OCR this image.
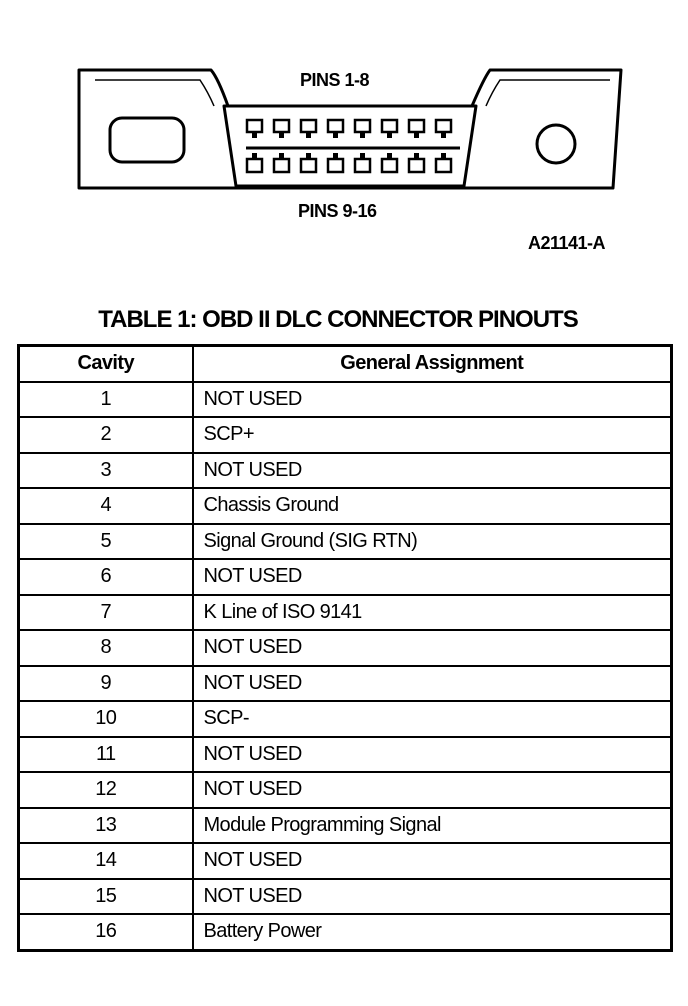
PINS 1-8
PINS 9-16
A21141-A
TABLE 1: OBD II DLC CONNECTOR PINOUTS
Cavity	General Assignment
1	NOT USED
2	SCP+
3	NOT USED
4	Chassis Ground
5	Signal Ground (SIG RTN)
6	NOT USED
7	K Line of ISO 9141
8	NOT USED
9	NOT USED
10	SCP-
11	NOT USED
12	NOT USED
13	Module Programming Signal
14	NOT USED
15	NOT USED
16	Battery Power
